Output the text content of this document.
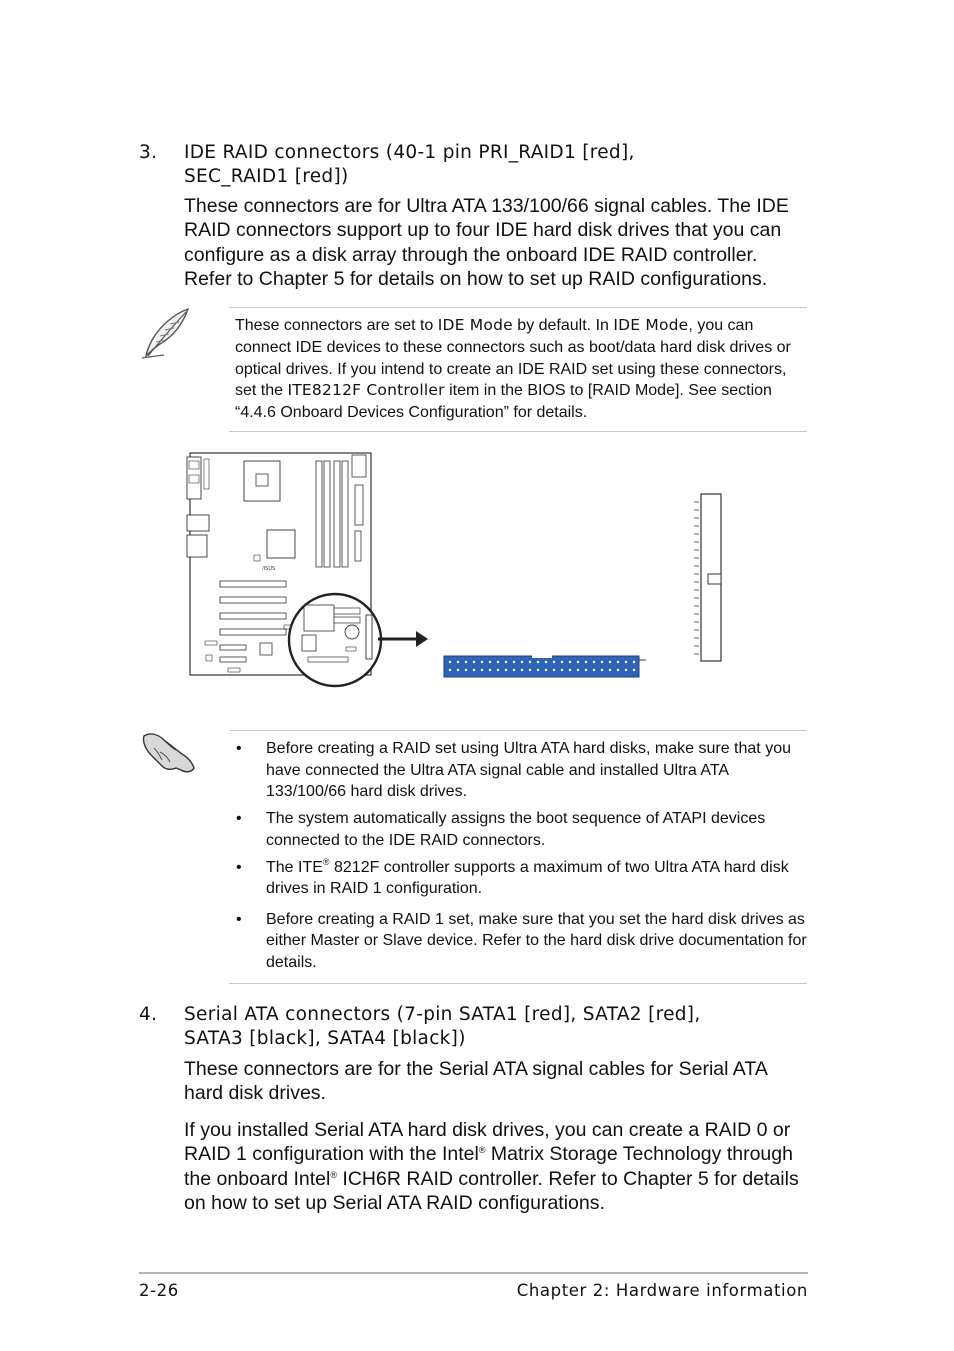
3. IDE RAID connectors (40-1 pin PRI_RAID1 [red],
SEC_RAID1 [red])
These connectors are for Ultra ATA 133/100/66 signal cables. The IDE RAID connectors support up to four IDE hard disk drives that you can configure as a disk array through the onboard IDE RAID controller. Refer to Chapter 5 for details on how to set up RAID configurations.
These connectors are set to IDE Mode by default. In IDE Mode, you can connect IDE devices to these connectors such as boot/data hard disk drives or optical drives. If you intend to create an IDE RAID set using these connectors, set the ITE8212F Controller item in the BIOS to [RAID Mode]. See section “4.4.6 Onboard Devices Configuration” for details.
/ISUS
• Before creating a RAID set using Ultra ATA hard disks, make sure that you have connected the Ultra ATA signal cable and installed Ultra ATA 133/100/66 hard disk drives.
• The system automatically assigns the boot sequence of ATAPI devices connected to the IDE RAID connectors.
• The ITE® 8212F controller supports a maximum of two Ultra ATA hard disk drives in RAID 1 configuration.
• Before creating a RAID 1 set, make sure that you set the hard disk drives as either Master or Slave device. Refer to the hard disk drive documentation for details.
4. Serial ATA connectors (7-pin SATA1 [red], SATA2 [red],
SATA3 [black], SATA4 [black])
These connectors are for the Serial ATA signal cables for Serial ATA hard disk drives.
If you installed Serial ATA hard disk drives, you can create a RAID 0 or RAID 1 configuration with the Intel® Matrix Storage Technology through the onboard Intel® ICH6R RAID controller. Refer to Chapter 5 for details on how to set up Serial ATA RAID configurations.
2-26	Chapter 2: Hardware information
